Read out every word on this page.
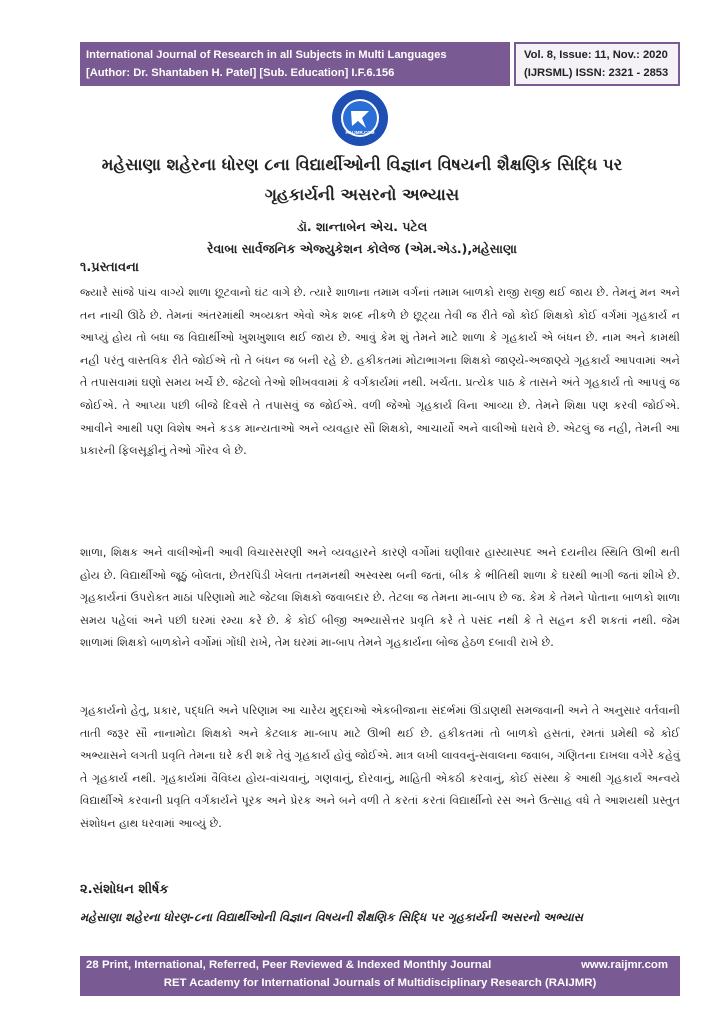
International Journal of Research in all Subjects in Multi Languages
[Author: Dr. Shantaben H. Patel] [Sub. Education] I.F.6.156
Vol. 8, Issue: 11, Nov.: 2020
(IJRSML) ISSN: 2321 - 2853
RAIJMR.COM
મહેસાણા શહેરના ધોરણ ૮ના વિદ્યાર્થીઓની વિજ્ઞાન વિષયની શૈક્ષણિક સિદ્ધિ પર
ગૃહકાર્યની અસરનો અભ્યાસ
ડૉ. શાન્તાબેન એચ. પટેલ
રેવાબા સાર્વજનિક એજ્યુકેશન કોલેજ (એમ.એડ.),મહેસાણા
૧.પ્રસ્તાવના
જ્યારે સાંજે પાંચ વાગ્યે શાળા છૂટવાનો ઘંટ વાગે છે. ત્યારે શાળાના તમામ વર્ગનાં તમામ બાળકો રાજી રાજી થઈ જાય છે. તેમનું મન અને તન નાચી ઊઠે છે. તેમનાં અંતરમાંથી અવ્યક્ત એવો એક શબ્દ નીકળે છે છૂટ્યા તેવી જ રીતે જો કોઈ શિક્ષકો કોઈ વર્ગમાં ગૃહકાર્ય ન આપ્યું હોય તો બધા જ વિદ્યાર્થીઓ ખુશખુશાલ થઈ જાય છે. આવું કેમ શું તેમને માટે શાળા કે ગૃહકાર્ય એ બંધન છે. નામ અને કામથી નહી પરંતુ વાસ્તવિક રીતે જોઈએ તો તે બંધન જ બની રહે છે. હકીકતમાં મોટાભાગના શિક્ષકો જાણ્યે-અજાણ્યે ગૃહકાર્ય આપવામાં અને તે તપાસવામાં ઘણો સમય ખર્ચે છે. જેટલો તેઓ શીખવવામાં કે વર્ગકાર્યમાં નથી. ખર્ચતા. પ્રત્યેક પાઠ કે તાસને અંતે ગૃહકાર્ય તો આપવું જ જોઈએ. તે આપ્યા પછી બીજે દિવસે તે તપાસવું જ જોઈએ. વળી જેઓ ગૃહકાર્ય વિના આવ્યા છે. તેમને શિક્ષા પણ કરવી જોઈએ. આવીને આથી પણ વિશેષ અને કડક માન્યતાઓ અને વ્યવહાર સૌ શિક્ષકો, આચાર્યો અને વાલીઓ ધરાવે છે. એટલું જ નહી, તેમની આ પ્રકારની ફિલસૂફીનું તેઓ ગૌરવ લે છે.
શાળા, શિક્ષક અને વાલીઓની આવી વિચારસરણી અને વ્યવહારને કારણે વર્ગોમાં ઘણીવાર હાસ્યાસ્પદ અને દયનીય સ્થિતિ ઊભી થતી હોય છે. વિદ્યાર્થીઓ જૂઠું બોલતા, છેતરપિંડી ખેલતા તનમનથી અસ્વસ્થ બની જતાં, બીક કે ભીતિથી શાળા કે ઘરથી ભાગી જતાં શીખે છે. ગૃહકાર્યનાં ઉપરોક્ત માઠાં પરિણામો માટે જેટલા શિક્ષકો જવાબદાર છે. તેટલા જ તેમના મા-બાપ છે જ. કેમ કે તેમને પોતાના બાળકો શાળા સમય પહેલાં અને પછી ઘરમાં રમ્યા કરે છે. કે કોઈ બીજી અભ્યાસેત્તર પ્રવૃતિ કરે તે પસંદ નથી કે તે સહન કરી શકતાં નથી. જેમ શાળામાં શિક્ષકો બાળકોને વર્ગોમાં ગોંધી રાખે, તેમ ઘરમાં મા-બાપ તેમને ગૃહકાર્યના બોજ હેઠળ દબાવી રાખે છે.
ગૃહકાર્યનો હેતુ, પ્રકાર, પદ્ધતિ અને પરિણામ આ ચારેય મુદ્દાઓ એકબીજાના સંદર્ભમાં ઊંડાણથી સમજવાની અને તે અનુસાર વર્તવાની તાતી જરૂર સૌ નાનામોટા શિક્ષકો અને કેટલાક મા-બાપ માટે ઊભી થઈ છે. હકીકતમાં તો બાળકો હસતાં, રમતાં પ્રમેથી જે કોઈ અભ્યાસને લગતી પ્રવૃતિ તેમના ઘરે કરી શકે તેવું ગૃહકાર્ય હોવું જોઈએ. માત્ર લખી લાવવનું-સવાલના જવાબ, ગણિતના દાખલા વગેરે કહેવું તે ગૃહકાર્ય નથી. ગૃહકાર્યમાં વૈવિધ્ય હોય-વાંચવાનું, ગણવાનું, દોરવાનું, માહિતી એકઠી કરવાનું, કોઈ સંસ્થા કે આથી ગૃહકાર્ય અન્વયે વિદ્યાર્થીએ કરવાની પ્રવૃતિ વર્ગકાર્યને પૂરક અને પ્રેરક અને બને વળી તે કરતાં કરતાં વિદ્યાર્થીનો રસ અને ઉત્સાહ વધે તે આશયથી પ્રસ્તુત સંશોધન હાથ ધરવામાં આવ્યું છે.
૨.સંશોધન શીર્ષક
મહેસાણા શહેરના ધોરણ-૮ના વિદ્યાર્થીઓની વિજ્ઞાન વિષયની શૈક્ષણિક સિદ્ધિ પર ગૃહકાર્યની અસરનો અભ્યાસ
28 Print, International, Referred, Peer Reviewed & Indexed Monthly Journal	www.raijmr.com
RET Academy for International Journals of Multidisciplinary Research (RAIJMR)
